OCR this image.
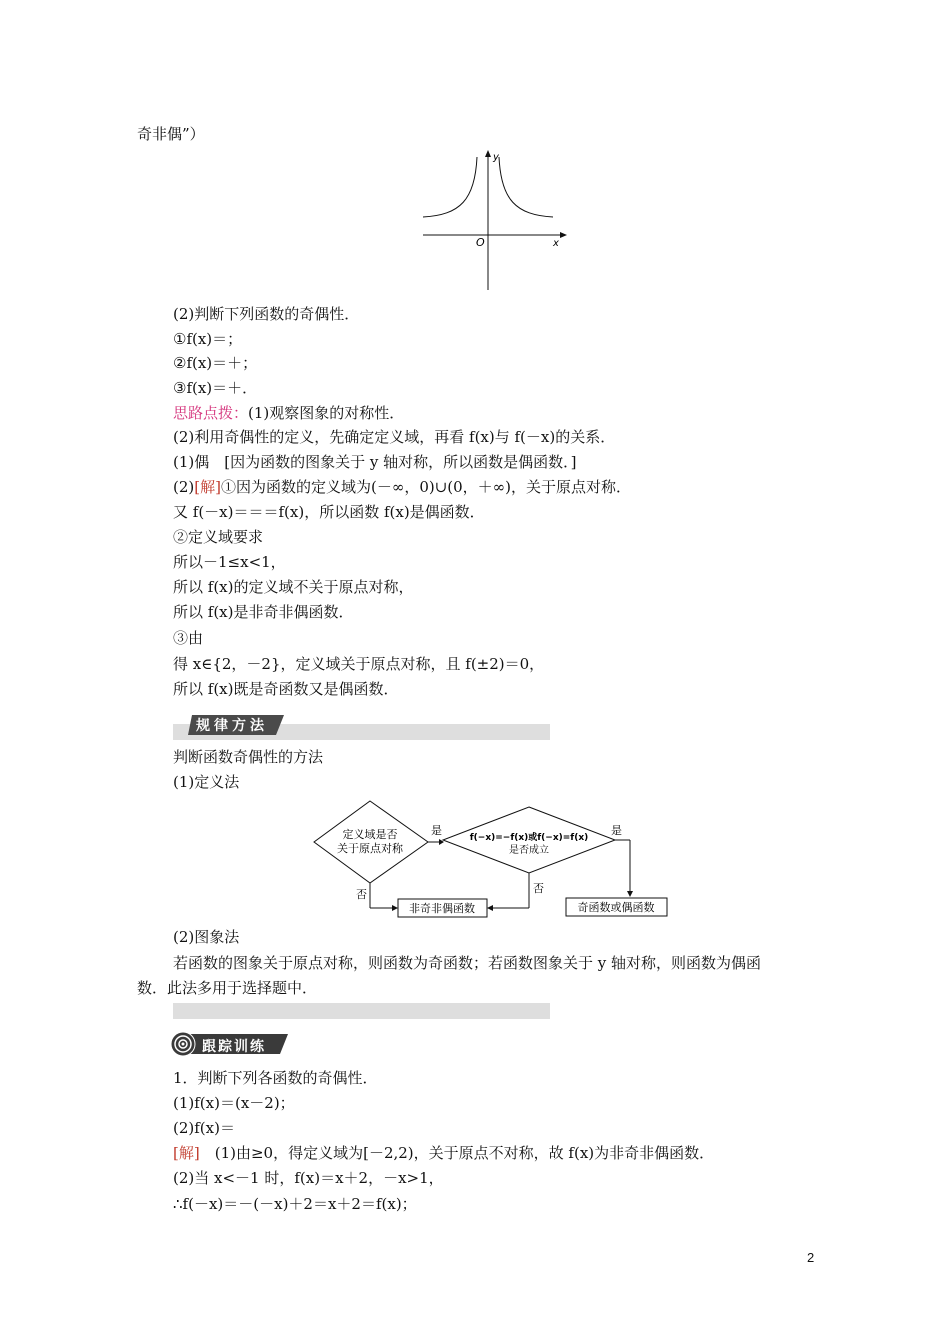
奇非偶”）
y
x
O
(2)判断下列函数的奇偶性．
①f(x)＝；
②f(x)＝＋；
③f(x)＝＋．
思路点拨：(1)观察图象的对称性．
(2)利用奇偶性的定义，先确定定义域，再看 f(x)与 f(－x)的关系．
(1)偶　[因为函数的图象关于 y 轴对称，所以函数是偶函数．]
(2)[解]①因为函数的定义域为(－∞，0)∪(0，＋∞)，关于原点对称．
又 f(－x)＝＝＝f(x)，所以函数 f(x)是偶函数．
②定义域要求
所以－1≤x<1，
所以 f(x)的定义域不关于原点对称，
所以 f(x)是非奇非偶函数．
③由
得 x∈{2，－2}，定义域关于原点对称，且 f(±2)＝0，
所以 f(x)既是奇函数又是偶函数．
规律方法
判断函数奇偶性的方法
(1)定义法
定义域是否
关于原点对称
f(−x)=−f(x)或f(−x)=f(x)
是否成立
是	是
否	否
非奇非偶函数	奇函数或偶函数
(2)图象法
若函数的图象关于原点对称，则函数为奇函数；若函数图象关于 y 轴对称，则函数为偶函
数．此法多用于选择题中．
跟踪训练
1．判断下列各函数的奇偶性．
(1)f(x)＝(x－2)；
(2)f(x)＝
[解]　 (1)由≥0，得定义域为[－2,2)，关于原点不对称，故 f(x)为非奇非偶函数．
(2)当 x<－1 时，f(x)＝x＋2，－x>1，
∴f(－x)＝－(－x)＋2＝x＋2＝f(x)；
2
